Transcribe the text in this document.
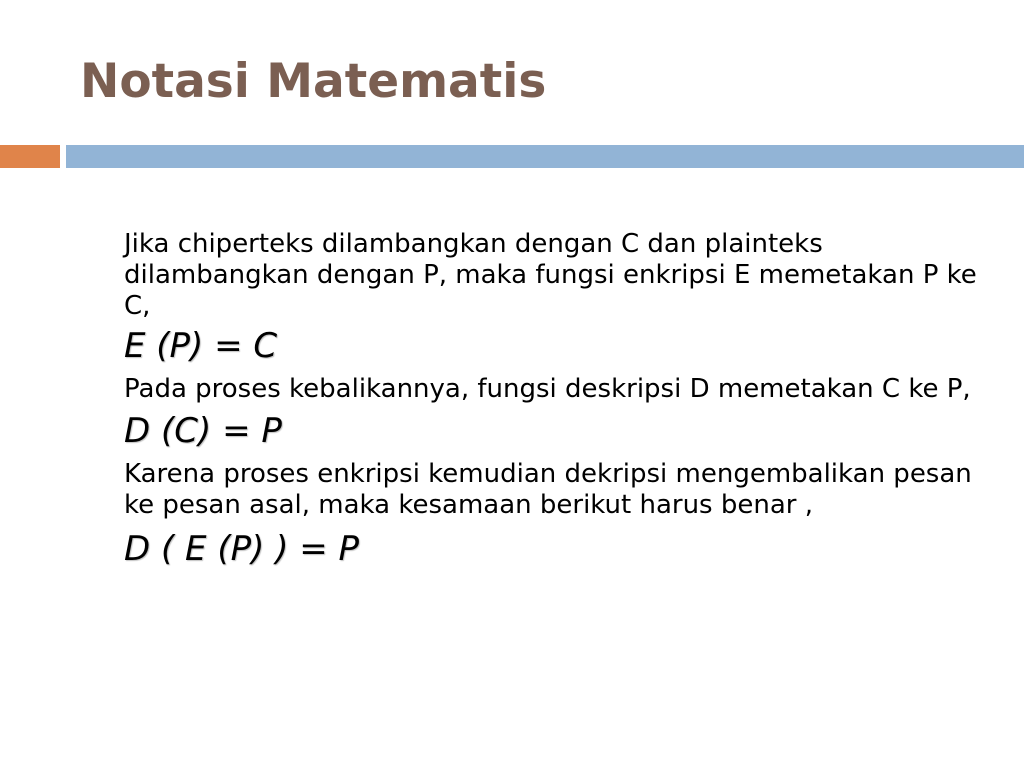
Notasi Matematis

Jika chiperteks dilambangkan dengan C dan plainteks dilambangkan dengan P, maka fungsi enkripsi E memetakan P ke C,

E (P) = C

Pada proses kebalikannya, fungsi deskripsi D memetakan C ke P,

D (C) = P

Karena proses enkripsi kemudian dekripsi mengembalikan pesan ke pesan asal, maka kesamaan berikut harus benar ,

D ( E (P) ) = P
